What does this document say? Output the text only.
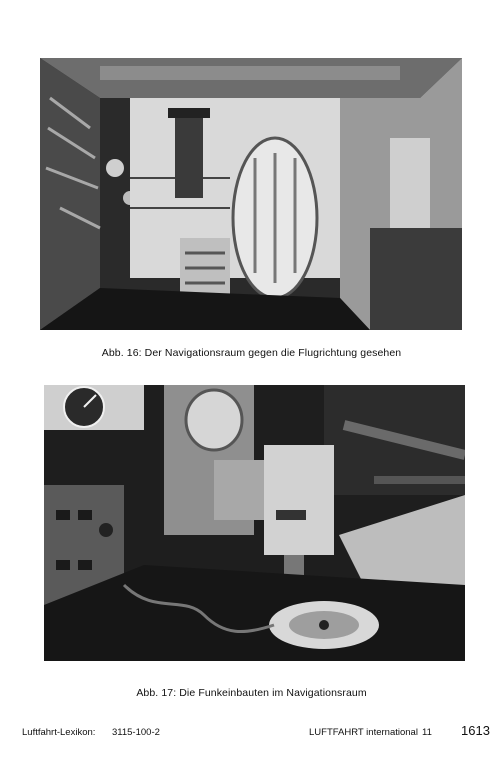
Abb. 16: Der Navigationsraum gegen die Flugrichtung gesehen
Abb. 17: Die Funkeinbauten im Navigationsraum
Luftfahrt-Lexikon: 3115-100-2	LUFTFAHRT international 11 1613
